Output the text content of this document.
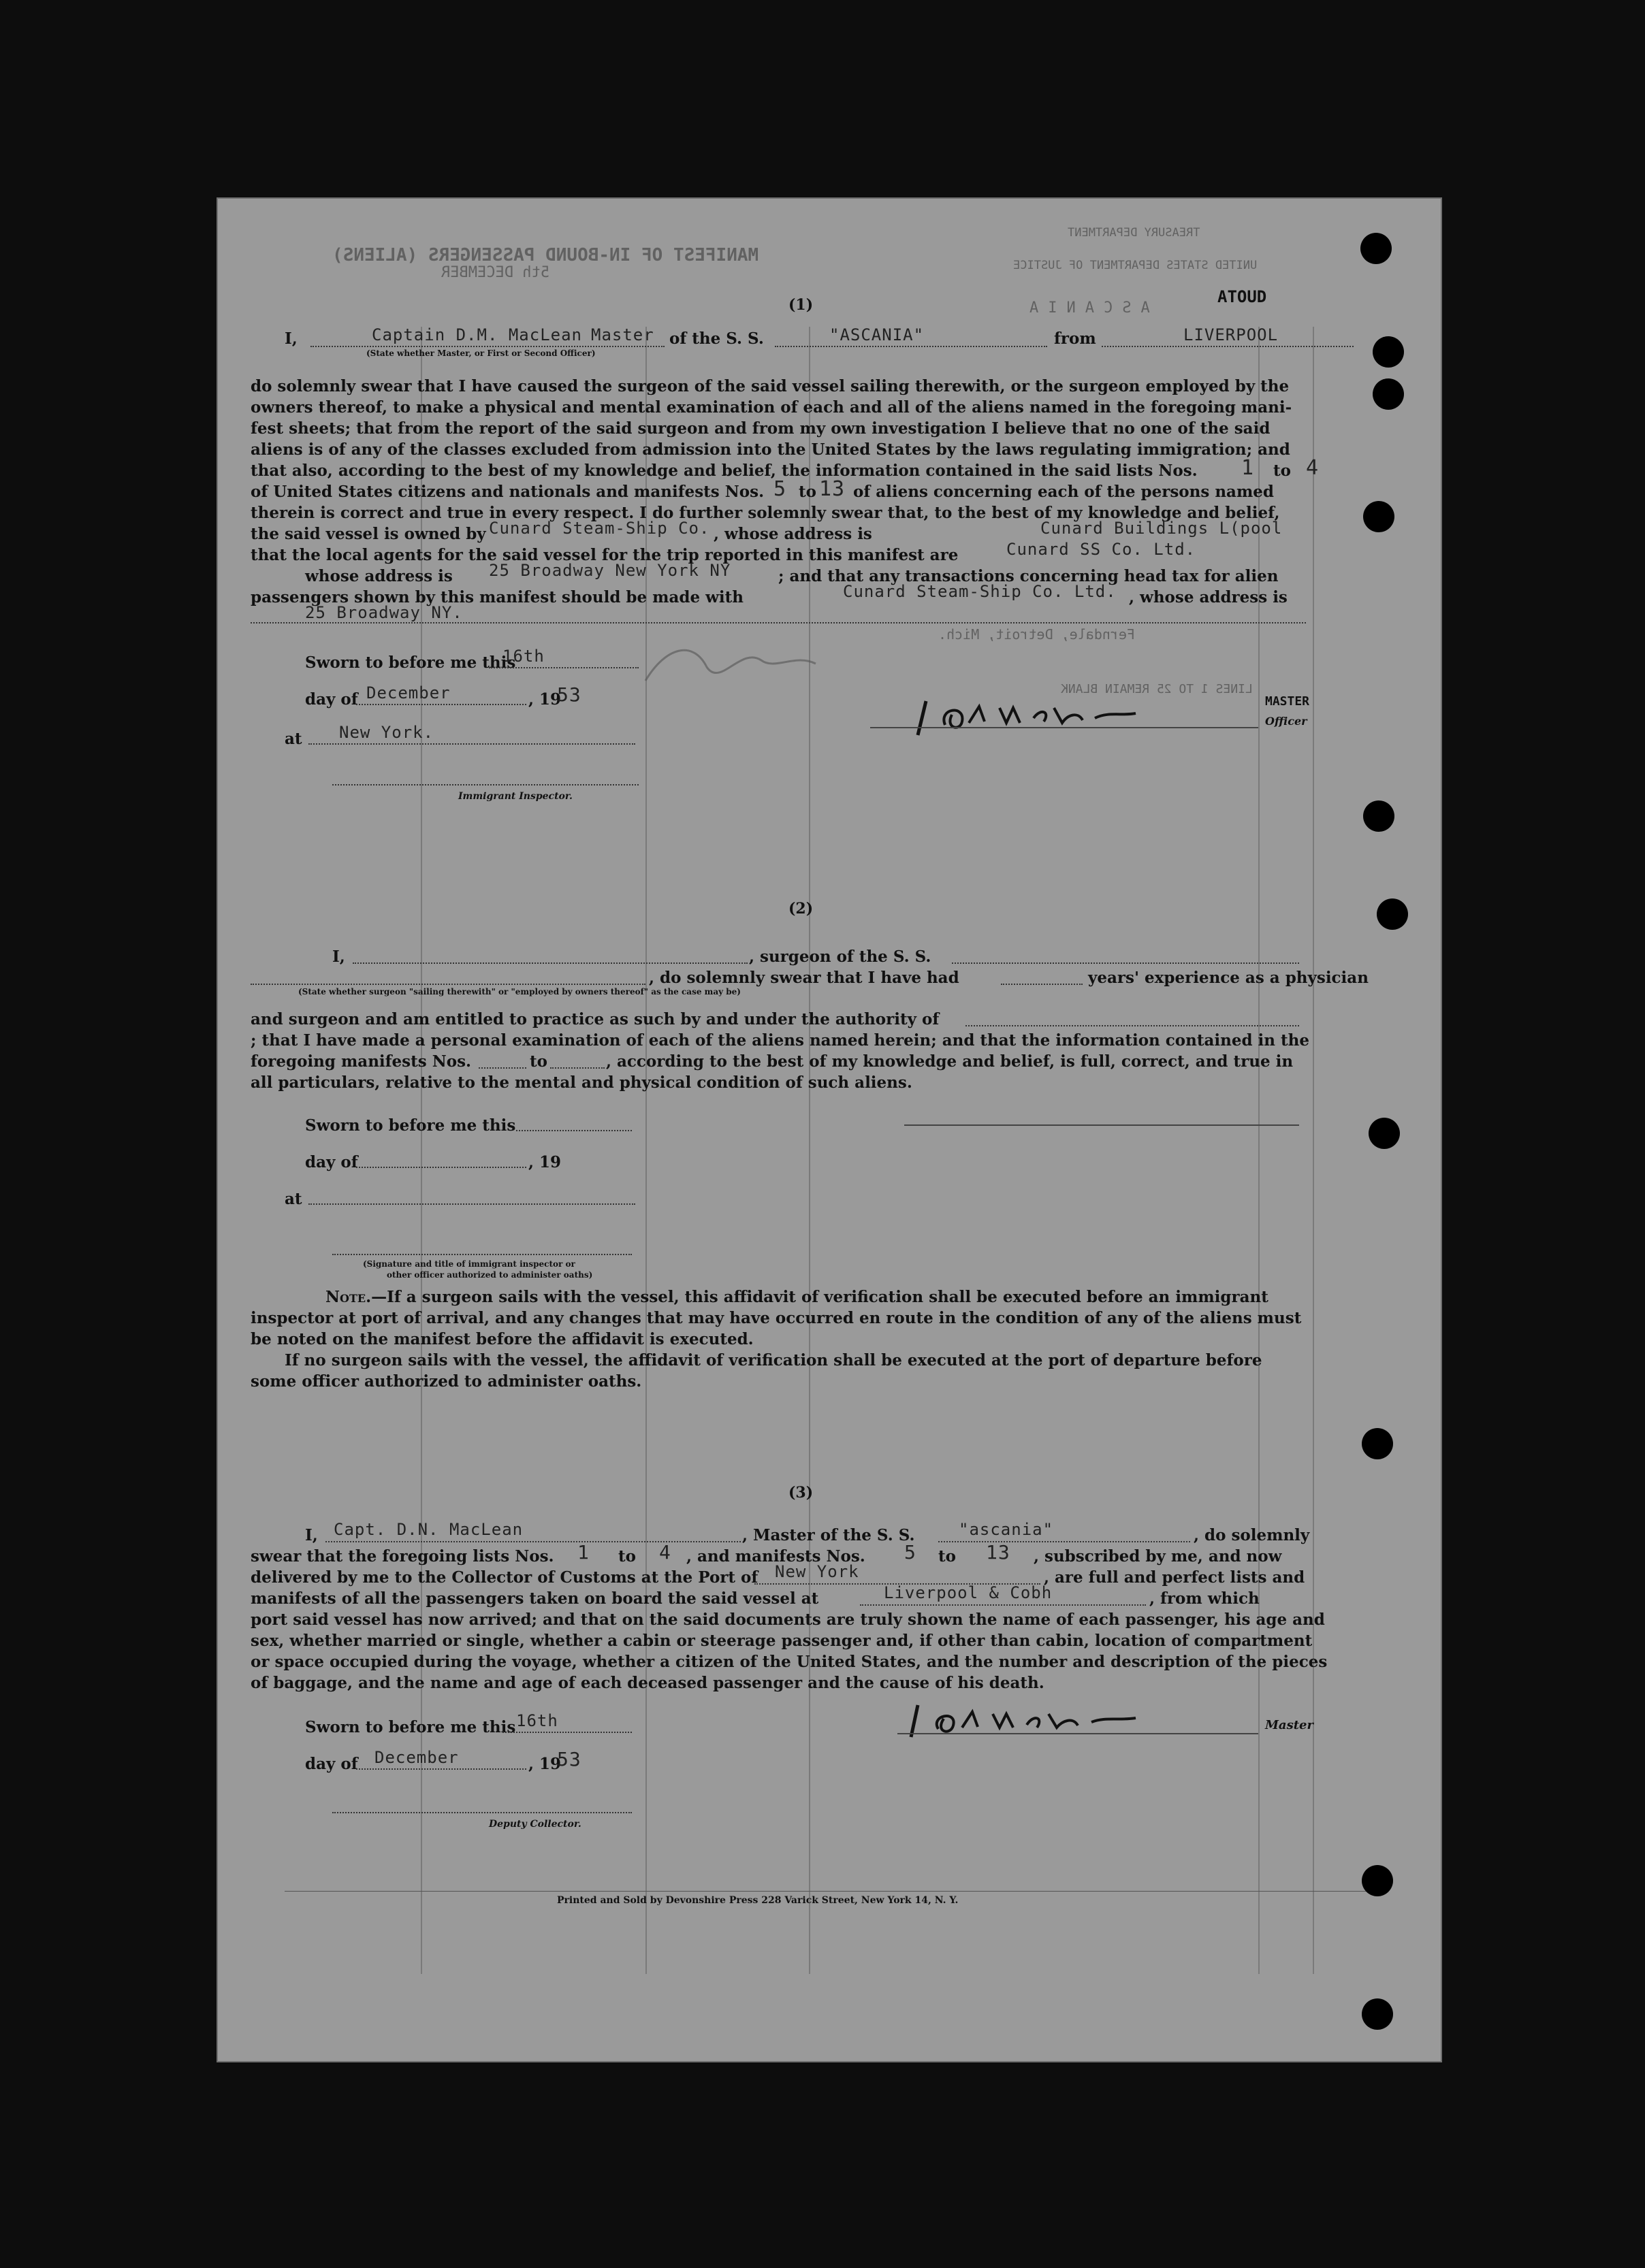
MANIFEST OF IN-BOUND PASSENGERS (ALIENS)
5th DECEMBER
ASCANIA
TREASURY DEPARTMENT
UNITED STATES DEPARTMENT OF JUSTICE
ATOUD
LINES 1 TO 25 REMAIN BLANK
Ferndale, Detroit, Mich.
(1)
I,	Captain D.M. MacLean Master of the S. S.	"ASCANIA"	from	LIVERPOOL
(State whether Master, or First or Second Officer)
do solemnly swear that I have caused the surgeon of the said vessel sailing therewith, or the surgeon employed by the
owners thereof, to make a physical and mental examination of each and all of the aliens named in the foregoing mani-
fest sheets; that from the report of the said surgeon and from my own investigation I believe that no one of the said
aliens is of any of the classes excluded from admission into the United States by the laws regulating immigration; and
that also, according to the best of my knowledge and belief, the information contained in the said lists Nos. 1 to 4
of United States citizens and nationals and manifests Nos. 5 to 13 of aliens concerning each of the persons named
therein is correct and true in every respect. I do further solemnly swear that, to the best of my knowledge and belief,
the said vessel is owned by Cunard Steam-Ship Co. , whose address is	Cunard Buildings L(pool
that the local agents for the said vessel for the trip reported in this manifest are	Cunard SS Co. Ltd.
whose address is 25 Broadway New York NY	; and that any transactions concerning head tax for alien
passengers shown by this manifest should be made with	Cunard Steam-Ship Co. Ltd. , whose address is
25 Broadway NY.
Sworn to before me this
16th
day of December	, 19
53
at New York.
Immigrant Inspector.
MASTER
Officer
(2)
I,	, surgeon of the S. S.
, do solemnly swear that I have had	years' experience as a physician
(State whether surgeon "sailing therewith" or "employed by owners thereof" as the case may be)
and surgeon and am entitled to practice as such by and under the authority of
; that I have made a personal examination of each of the aliens named herein; and that the information contained in the
foregoing manifests Nos.	to	, according to the best of my knowledge and belief, is full, correct, and true in
all particulars, relative to the mental and physical condition of such aliens.
Sworn to before me this
day of	, 19
at
(Signature and title of immigrant inspector or
other officer authorized to administer oaths)
Note.—If a surgeon sails with the vessel, this affidavit of verification shall be executed before an immigrant
inspector at port of arrival, and any changes that may have occurred en route in the condition of any of the aliens must
be noted on the manifest before the affidavit is executed.
If no surgeon sails with the vessel, the affidavit of verification shall be executed at the port of departure before
some officer authorized to administer oaths.
(3)
I, Capt. D.N. MacLean	, Master of the S. S.	"ascania"	, do solemnly
swear that the foregoing lists Nos. 1 to 4 , and manifests Nos. 5 to 13 , subscribed by me, and now
delivered by me to the Collector of Customs at the Port of New York	, are full and perfect lists and
manifests of all the passengers taken on board the said vessel at	Liverpool & Cobh	, from which
port said vessel has now arrived; and that on the said documents are truly shown the name of each passenger, his age and
sex, whether married or single, whether a cabin or steerage passenger and, if other than cabin, location of compartment
or space occupied during the voyage, whether a citizen of the United States, and the number and description of the pieces
of baggage, and the name and age of each deceased passenger and the cause of his death.
Sworn to before me this 16th	Master
day of December	, 19
53
Deputy Collector.
Printed and Sold by Devonshire Press 228 Varick Street, New York 14, N. Y.
